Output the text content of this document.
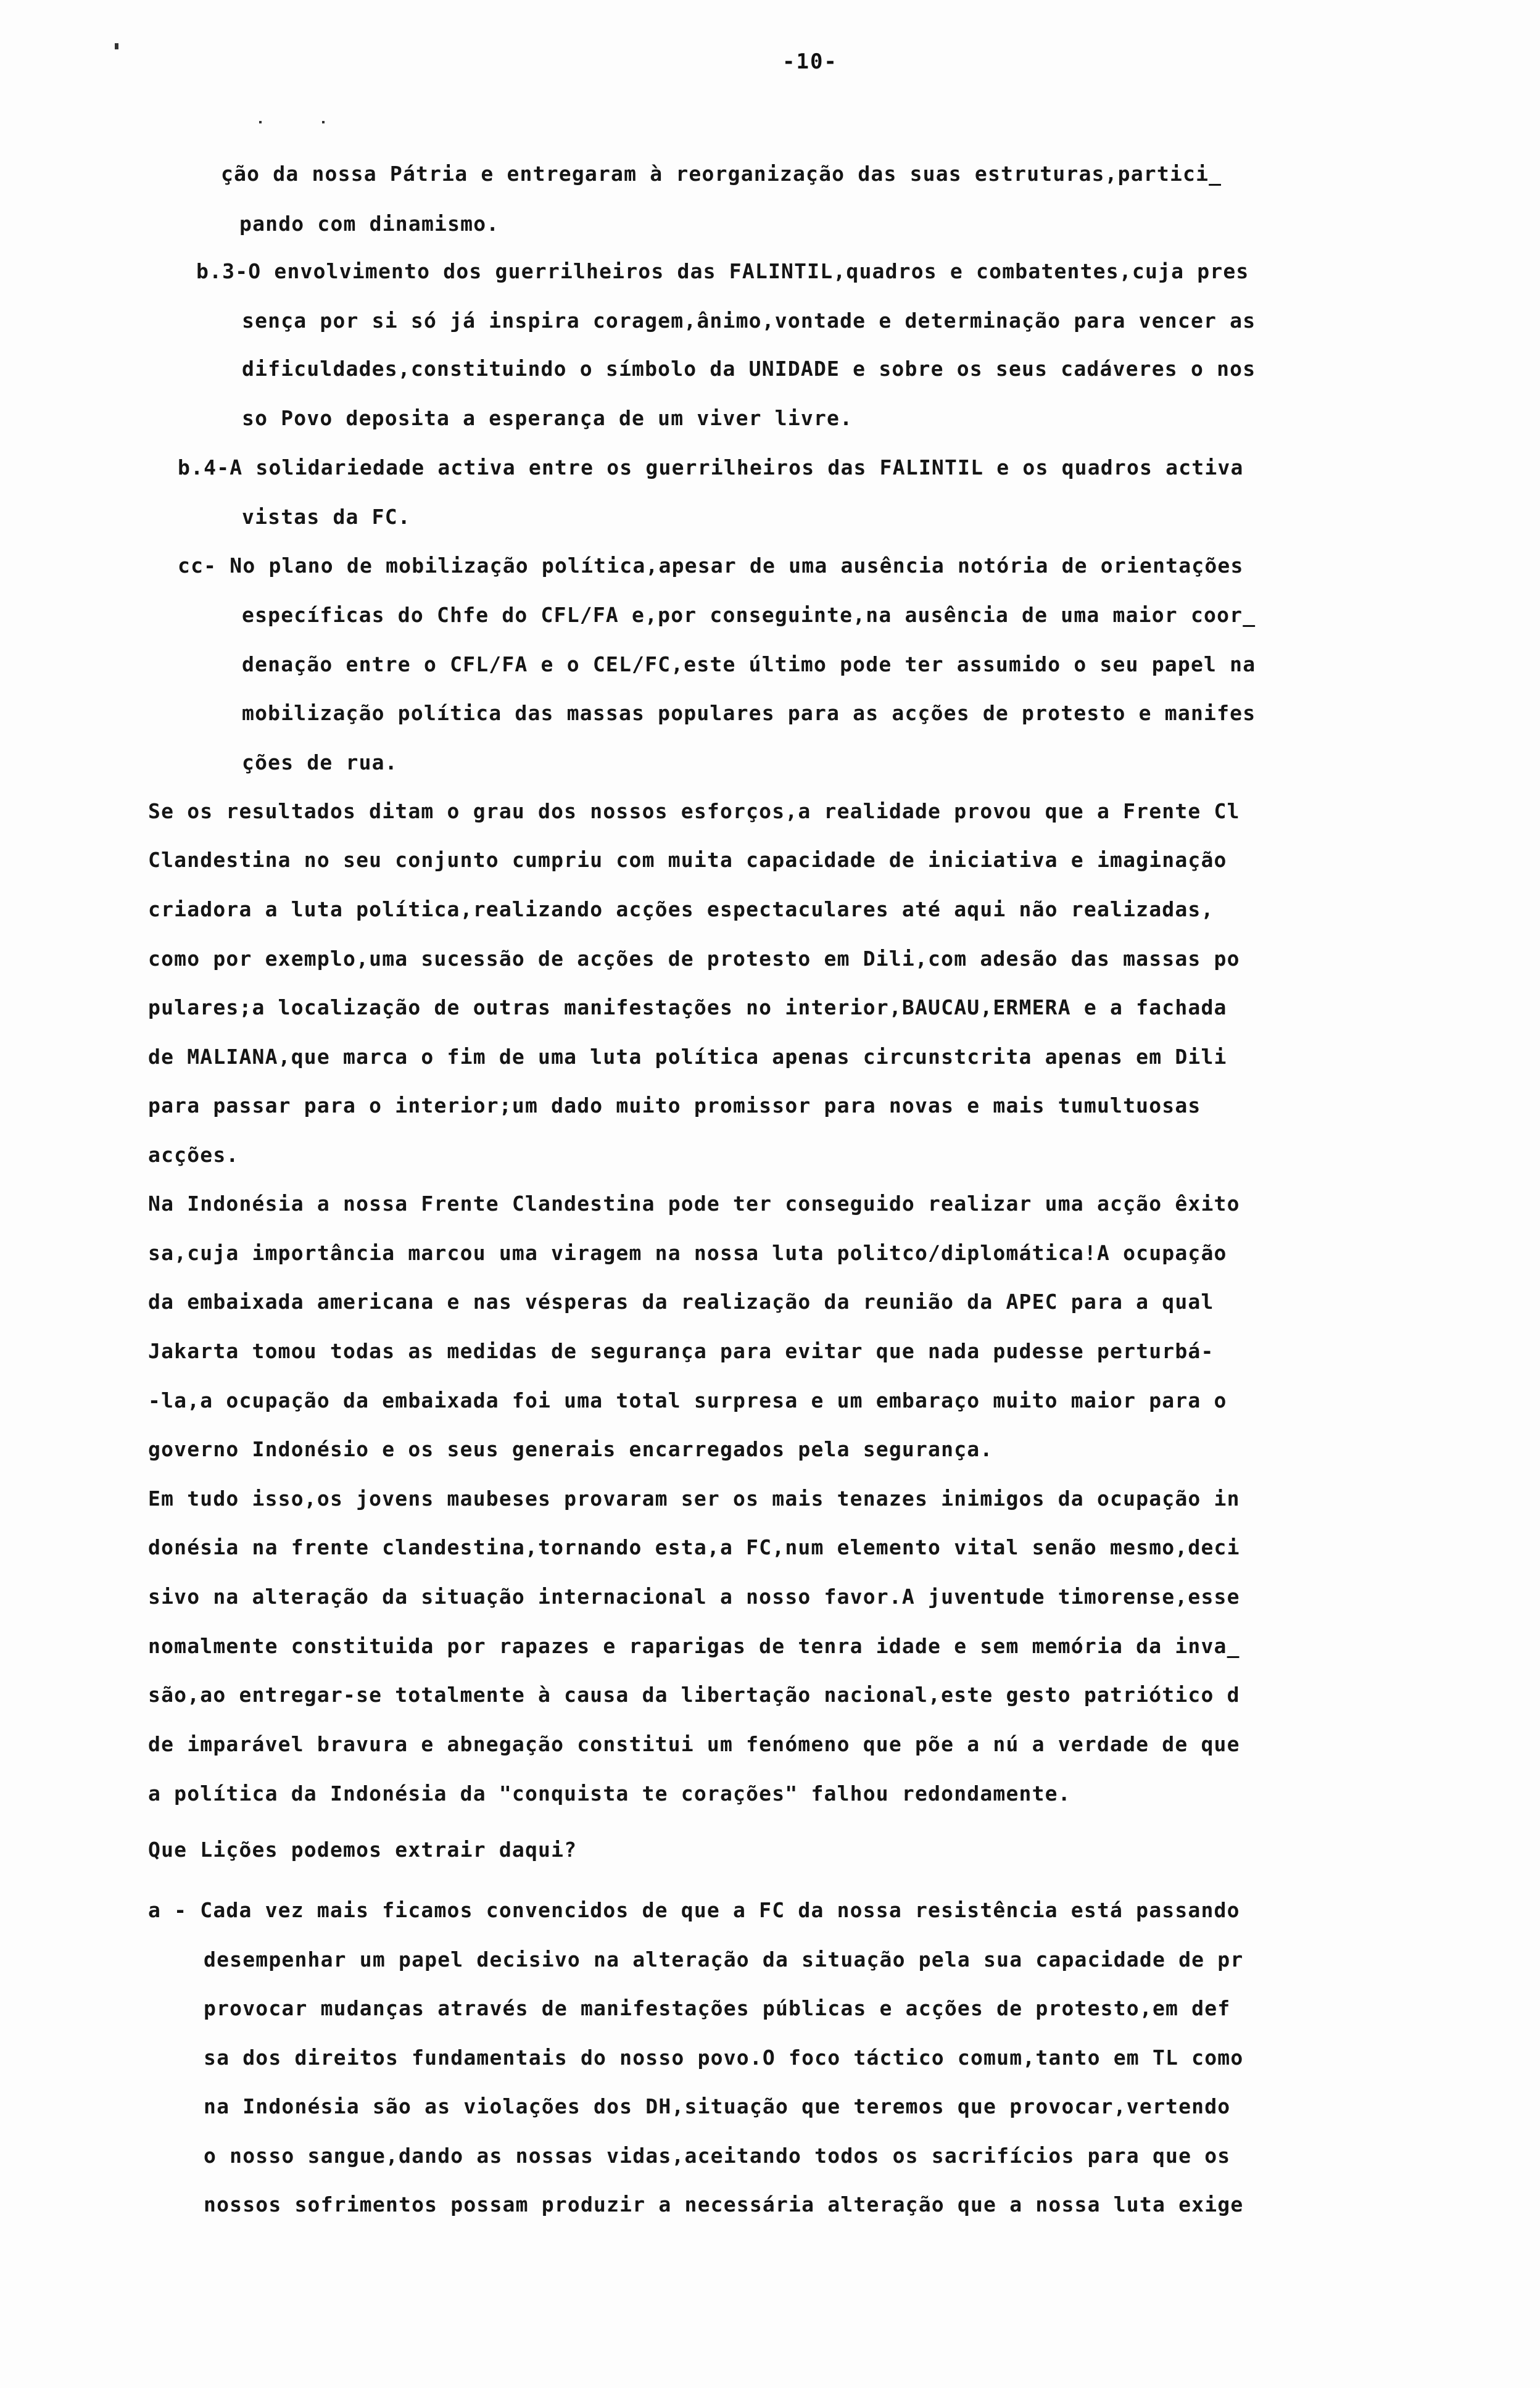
-10-
ção da nossa Pátria e entregaram à reorganização das suas estruturas,partici_
pando com dinamismo.
b.3-O envolvimento dos guerrilheiros das FALINTIL,quadros e combatentes,cuja pres
sença por si só já inspira coragem,ânimo,vontade e determinação para vencer as
dificuldades,constituindo o símbolo da UNIDADE e sobre os seus cadáveres o nos
so Povo deposita a esperança de um viver livre.
b.4-A solidariedade activa entre os guerrilheiros das FALINTIL e os quadros activa
vistas da FC.
cc- No plano de mobilização política,apesar de uma ausência notória de orientações
específicas do Chfe do CFL/FA e,por conseguinte,na ausência de uma maior coor_
denação entre o CFL/FA e o CEL/FC,este último pode ter assumido o seu papel na
mobilização política das massas populares para as acções de protesto e manifes
ções de rua.
Se os resultados ditam o grau dos nossos esforços,a realidade provou que a Frente Cl
Clandestina no seu conjunto cumpriu com muita capacidade de iniciativa e imaginação
criadora a luta política,realizando acções espectaculares até aqui não realizadas,
como por exemplo,uma sucessão de acções de protesto em Dili,com adesão das massas po
pulares;a localização de outras manifestações no interior,BAUCAU,ERMERA e a fachada
de MALIANA,que marca o fim de uma luta política apenas circunstcrita apenas em Dili
para passar para o interior;um dado muito promissor para novas e mais tumultuosas
acções.
Na Indonésia a nossa Frente Clandestina pode ter conseguido realizar uma acção êxito
sa,cuja importância marcou uma viragem na nossa luta politco/diplomática!A ocupação
da embaixada americana e nas vésperas da realização da reunião da APEC para a qual
Jakarta tomou todas as medidas de segurança para evitar que nada pudesse perturbá-
-la,a ocupação da embaixada foi uma total surpresa e um embaraço muito maior para o
governo Indonésio e os seus generais encarregados pela segurança.
Em tudo isso,os jovens maubeses provaram ser os mais tenazes inimigos da ocupação in
donésia na frente clandestina,tornando esta,a FC,num elemento vital senão mesmo,deci
sivo na alteração da situação internacional a nosso favor.A juventude timorense,esse
nomalmente constituida por rapazes e raparigas de tenra idade e sem memória da inva_
são,ao entregar-se totalmente à causa da libertação nacional,este gesto patriótico d
de imparável bravura e abnegação constitui um fenómeno que põe a nú a verdade de que
a política da Indonésia da "conquista te corações" falhou redondamente.
Que Lições podemos extrair daqui?
a - Cada vez mais ficamos convencidos de que a FC da nossa resistência está passando
desempenhar um papel decisivo na alteração da situação pela sua capacidade de pr
provocar mudanças através de manifestações públicas e acções de protesto,em def
sa dos direitos fundamentais do nosso povo.O foco táctico comum,tanto em TL como
na Indonésia são as violações dos DH,situação que teremos que provocar,vertendo
o nosso sangue,dando as nossas vidas,aceitando todos os sacrifícios para que os
nossos sofrimentos possam produzir a necessária alteração que a nossa luta exige
